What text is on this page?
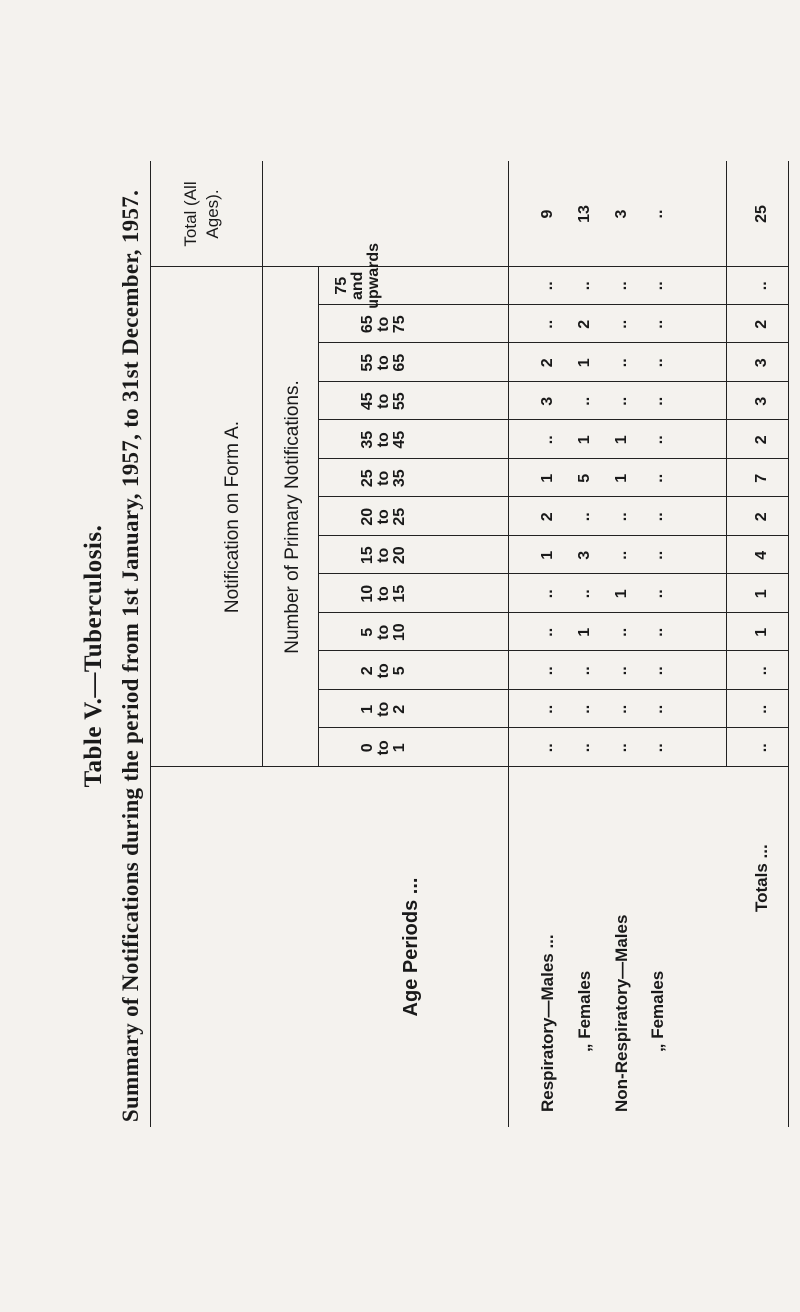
Table V.—Tuberculosis. Summary of Notifications during the period from 1st January, 1957, to 31st December, 1957.	Notification on Form A. Number of Primary Notifications.
Age Periods ...
Total (All Ages).
0 to 1
1 to 2
2 to 5
5 to 10
10 to 15
15 to 20
20 to 25
25 to 35
35 to 45
45 to 55
55 to 65
65 to 75
75 and upwards
Respiratory—Males ...
..
..
..
..
..
1
2
1
..
3
2
..
..
9
„ Females
..
..
..
1
..
3
..
5
1
..
1
2
..
13
Non-Respiratory—Males
..
..
..
..
1
..
..
1
1
..
..
..
..
3
„ Females
..
..
..
..
..
..
..
..
..
..
..
..
..
..
Totals ...
..
..
..
1
1
4
2
7
2
3
3
2
..
25
